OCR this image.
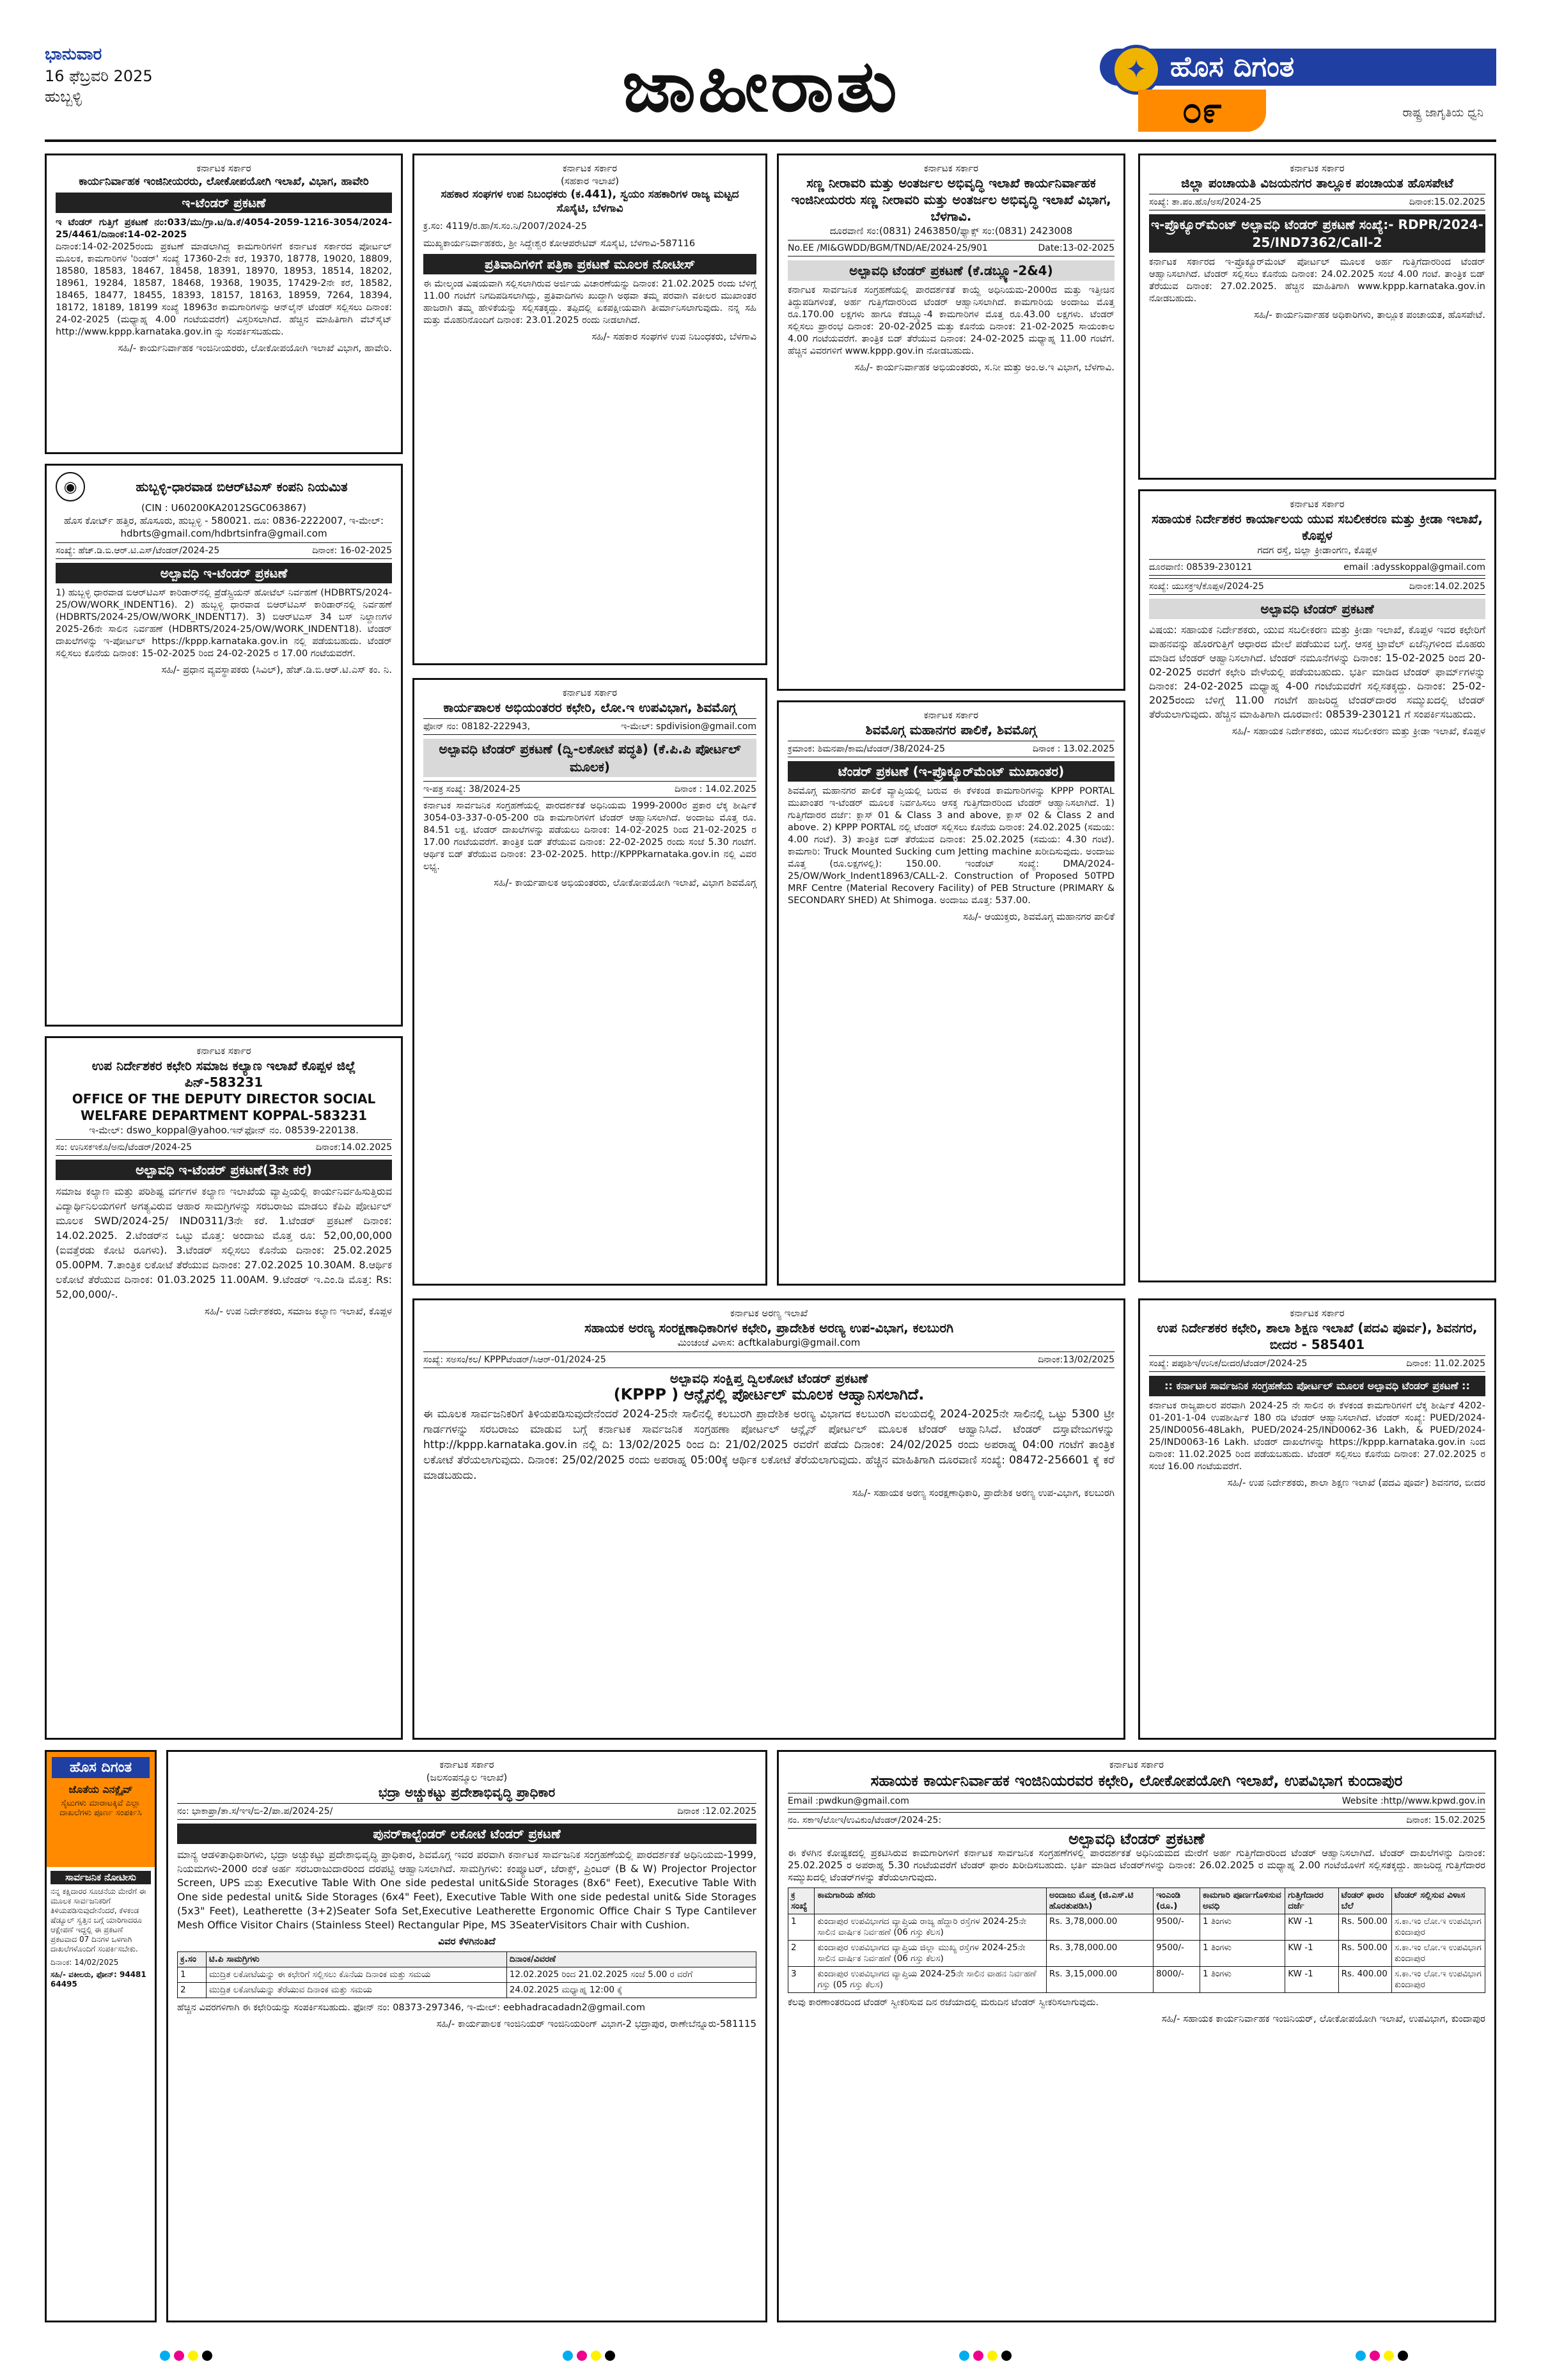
ಭಾನುವಾರ
16 ಫೆಬ್ರವರಿ 2025
ಹುಬ್ಬಳ್ಳಿ	ಜಾಹೀರಾತು	ಹೊಸ ದಿಗಂತ
✦
೦೯	ರಾಷ್ಟ್ರ ಜಾಗೃತಿಯ ಧ್ವನಿ
ಕರ್ನಾಟಕ ಸರ್ಕಾರ
ಕಾರ್ಯನಿರ್ವಾಹಕ ಇಂಜಿನೀಯರರು, ಲೋಕೋಪಯೋಗಿ ಇಲಾಖೆ, ವಿಭಾಗ, ಹಾವೇರಿ
ಇ-ಟೆಂಡರ್ ಪ್ರಕಟಣೆ
ಇ ಟೆಂಡರ್ ಗುತ್ತಿಗೆ ಪ್ರಕಟಣೆ ನಂ:033/ಮು/ಗ್ರಾ.ಟ/ಡಿ.ಕೆ/4054-2059-1216-3054/2024-25/4461/ದಿನಾಂಕ:14-02-2025
ದಿನಾಂಕ:14-02-2025ರಂದು ಪ್ರಕಟಣೆ ಮಾಡಲಾಗಿದ್ದ ಕಾಮಗಾರಿಗಳಿಗೆ ಕರ್ನಾಟಕ ಸರ್ಕಾರದ ಪೋರ್ಟಲ್ ಮೂಲಕ, ಕಾಮಗಾರಿಗಳ 'ರಿಂಡರ್' ಸಂಖ್ಯೆ 17360-2ನೇ ಕರೆ, 19370, 18778, 19020, 18809, 18580, 18583, 18467, 18458, 18391, 18970, 18953, 18514, 18202, 18961, 19284, 18587, 18468, 19368, 19035, 17429-2ನೇ ಕರೆ, 18582, 18465, 18477, 18455, 18393, 18157, 18163, 18959, 7264, 18394, 18172, 18189, 18199 ಸಂಖ್ಯೆ 18963ರ ಕಾಮಗಾರಿಗಳನ್ನು ಆನ್‌ಲೈನ್ ಟೆಂಡರ್ ಸಲ್ಲಿಸಲು ದಿನಾಂಕ: 24-02-2025 (ಮಧ್ಯಾಹ್ನ 4.00 ಗಂಟೆಯವರೆಗೆ) ವಿಸ್ತರಿಸಲಾಗಿದೆ. ಹೆಚ್ಚಿನ ಮಾಹಿತಿಗಾಗಿ ವೆಬ್‌ಸೈಟ್ http://www.kppp.karnataka.gov.in ನ್ನು ಸಂಪರ್ಕಿಸಬಹುದು.
ಸಹಿ/- ಕಾರ್ಯನಿರ್ವಾಹಕ ಇಂಜಿನೀಯರರು, ಲೋಕೋಪಯೋಗಿ ಇಲಾಖೆ ವಿಭಾಗ, ಹಾವೇರಿ.
ಕರ್ನಾಟಕ ಸರ್ಕಾರ
(ಸಹಕಾರ ಇಲಾಖೆ)
ಸಹಕಾರ ಸಂಘಗಳ ಉಪ ನಿಬಂಧಕರು (ಕ.441), ಸ್ವಯಂ ಸಹಕಾರಿಗಳ ರಾಜ್ಯ ಮಟ್ಟದ ಸೊಸೈಟಿ, ಬೆಳಗಾವಿ
ಕ್ರ.ಸಂ: 4119/ರ.ಹಾ/ಸ.ಸಂ.ನಿ/2007/2024-25
ಮುಖ್ಯಕಾರ್ಯನಿರ್ವಾಹಕರು, ಶ್ರೀ ಸಿದ್ದೇಶ್ವರ ಕೋಆಪರೇಟಿವ್ ಸೊಸೈಟಿ, ಬೆಳಗಾವಿ-587116
ಪ್ರತಿವಾದಿಗಳಿಗೆ ಪತ್ರಿಕಾ ಪ್ರಕಟಣೆ ಮೂಲಕ ನೋಟೀಸ್
ಈ ಮೇಲ್ಕಂಡ ವಿಷಯವಾಗಿ ಸಲ್ಲಿಸಲಾಗಿರುವ ಅರ್ಜಿಯ ವಿಚಾರಣೆಯನ್ನು ದಿನಾಂಕ: 21.02.2025 ರಂದು ಬೆಳಿಗ್ಗೆ 11.00 ಗಂಟೆಗೆ ನಿಗದಿಪಡಿಸಲಾಗಿದ್ದು, ಪ್ರತಿವಾದಿಗಳು ಖುದ್ದಾಗಿ ಅಥವಾ ತಮ್ಮ ಪರವಾಗಿ ವಕೀಲರ ಮುಖಾಂತರ ಹಾಜರಾಗಿ ತಮ್ಮ ಹೇಳಿಕೆಯನ್ನು ಸಲ್ಲಿಸತಕ್ಕದ್ದು. ತಪ್ಪಿದಲ್ಲಿ ಏಕಪಕ್ಷೀಯವಾಗಿ ತೀರ್ಮಾನಿಸಲಾಗುವುದು. ನನ್ನ ಸಹಿ ಮತ್ತು ಮೊಹರಿನೊಂದಿಗೆ ದಿನಾಂಕ: 23.01.2025 ರಂದು ನೀಡಲಾಗಿದೆ.
ಸಹಿ/- ಸಹಕಾರ ಸಂಘಗಳ ಉಪ ನಿಬಂಧಕರು, ಬೆಳಗಾವಿ
ಕರ್ನಾಟಕ ಸರ್ಕಾರ
ಸಣ್ಣ ನೀರಾವರಿ ಮತ್ತು ಅಂತರ್ಜಲ ಅಭಿವೃದ್ಧಿ ಇಲಾಖೆ ಕಾರ್ಯನಿರ್ವಾಹಕ ಇಂಜಿನೀಯರರು ಸಣ್ಣ ನೀರಾವರಿ ಮತ್ತು ಅಂತರ್ಜಲ ಅಭಿವೃದ್ಧಿ ಇಲಾಖೆ ವಿಭಾಗ, ಬೆಳಗಾವಿ.
ದೂರವಾಣಿ ಸಂ:(0831) 2463850/ಫ್ಯಾಕ್ಸ್ ಸಂ:(0831) 2423008
No.EE /MI&GWDD/BGM/TND/AE/2024-25/901	Date:13-02-2025
ಅಲ್ಪಾವಧಿ ಟೆಂಡರ್ ಪ್ರಕಟಣೆ (ಕೆ.ಡಬ್ಲ್ಯೂ-2&4)
ಕರ್ನಾಟಕ ಸಾರ್ವಜನಿಕ ಸಂಗ್ರಹಣೆಯಲ್ಲಿ ಪಾರದರ್ಶಕತೆ ಕಾಯ್ದೆ ಅಧಿನಿಯಮ-2000ದ ಮತ್ತು ಇತ್ತೀಚಿನ ತಿದ್ದುಪಡಿಗಳಂತೆ, ಅರ್ಹ ಗುತ್ತಿಗೆದಾರರಿಂದ ಟೆಂಡರ್ ಆಹ್ವಾನಿಸಲಾಗಿದೆ. ಕಾಮಗಾರಿಯ ಅಂದಾಜು ಮೊತ್ತ ರೂ.170.00 ಲಕ್ಷಗಳು ಹಾಗೂ ಕೆಡಬ್ಲ್ಯೂ-4 ಕಾಮಗಾರಿಗಳ ಮೊತ್ತ ರೂ.43.00 ಲಕ್ಷಗಳು. ಟೆಂಡರ್ ಸಲ್ಲಿಸಲು ಪ್ರಾರಂಭ ದಿನಾಂಕ: 20-02-2025 ಮತ್ತು ಕೊನೆಯ ದಿನಾಂಕ: 21-02-2025 ಸಾಯಂಕಾಲ 4.00 ಗಂಟೆಯವರೆಗೆ. ತಾಂತ್ರಿಕ ಬಿಡ್ ತೆರೆಯುವ ದಿನಾಂಕ: 24-02-2025 ಮಧ್ಯಾಹ್ನ 11.00 ಗಂಟೆಗೆ. ಹೆಚ್ಚಿನ ವಿವರಗಳಿಗೆ www.kppp.gov.in ನೋಡಬಹುದು.
ಸಹಿ/- ಕಾರ್ಯನಿರ್ವಾಹಕ ಅಭಿಯಂತರರು, ಸ.ನೀ ಮತ್ತು ಅಂ.ಅ.ಇ ವಿಭಾಗ, ಬೆಳಗಾವಿ.
ಕರ್ನಾಟಕ ಸರ್ಕಾರ
ಜಿಲ್ಲಾ ಪಂಚಾಯತಿ ವಿಜಯನಗರ ತಾಲ್ಲೂಕ ಪಂಚಾಯತ ಹೊಸಪೇಟೆ
ಸಂಖ್ಯೆ: ತಾ.ಪಂ.ಹೊ/ಅಸ/2024-25	ದಿನಾಂಕ:15.02.2025
ಇ-ಪ್ರೊಕ್ಯೂರ್‌ಮೆಂಟ್ ಅಲ್ಪಾವಧಿ ಟೆಂಡರ್ ಪ್ರಕಟಣೆ ಸಂಖ್ಯೆ:- RDPR/2024-25/IND7362/Call-2
ಕರ್ನಾಟಕ ಸರ್ಕಾರದ ಇ-ಪ್ರೊಕ್ಯೂರ್‌ಮೆಂಟ್ ಪೋರ್ಟಲ್ ಮೂಲಕ ಅರ್ಹ ಗುತ್ತಿಗೆದಾರರಿಂದ ಟೆಂಡರ್ ಆಹ್ವಾನಿಸಲಾಗಿದೆ. ಟೆಂಡರ್ ಸಲ್ಲಿಸಲು ಕೊನೆಯ ದಿನಾಂಕ: 24.02.2025 ಸಂಜೆ 4.00 ಗಂಟೆ. ತಾಂತ್ರಿಕ ಬಿಡ್ ತೆರೆಯುವ ದಿನಾಂಕ: 27.02.2025. ಹೆಚ್ಚಿನ ಮಾಹಿತಿಗಾಗಿ www.kppp.karnataka.gov.in ನೋಡಬಹುದು.
ಸಹಿ/- ಕಾರ್ಯನಿರ್ವಾಹಕ ಅಧಿಕಾರಿಗಳು, ತಾಲ್ಲೂಕ ಪಂಚಾಯತ, ಹೊಸಪೇಟೆ.
◉	ಹುಬ್ಬಳ್ಳಿ-ಧಾರವಾಡ ಬಿಆರ್‌ಟಿಎಸ್ ಕಂಪನಿ ನಿಯಮಿತ
(CIN : U60200KA2012SGC063867)
ಹೊಸ ಕೋರ್ಟ್ ಹತ್ತಿರ, ಹೊಸೂರು, ಹುಬ್ಬಳ್ಳಿ - 580021. ದೂ: 0836-2222007, ಇ-ಮೇಲ್: hdbrts@gmail.com/hdbrtsinfra@gmail.com
ಸಂಖ್ಯೆ: ಹೆಚ್.ಡಿ.ಬಿ.ಆರ್.ಟಿ.ಎಸ್/ಟೆಂಡರ್/2024-25	ದಿನಾಂಕ: 16-02-2025
ಅಲ್ಪಾವಧಿ ಇ-ಟೆಂಡರ್ ಪ್ರಕಟಣೆ
1) ಹುಬ್ಬಳ್ಳಿ ಧಾರವಾಡ ಬಿಆರ್‌ಟಿಎಸ್ ಕಾರಿಡಾರ್‌ನಲ್ಲಿ ಪ್ರೆಡೆಸ್ಟ್ರಿಯನ್ ಹೋಟೆಲ್ ನಿರ್ವಹಣೆ (HDBRTS/2024-25/OW/WORK_INDENT16). 2) ಹುಬ್ಬಳ್ಳಿ ಧಾರವಾಡ ಬಿಆರ್‌ಟಿಎಸ್ ಕಾರಿಡಾರ್‌ನಲ್ಲಿ ನಿರ್ವಹಣೆ (HDBRTS/2024-25/OW/WORK_INDENT17). 3) ಬಿಆರ್‌ಟಿಎಸ್ 34 ಬಸ್ ನಿಲ್ದಾಣಗಳ 2025-26ನೇ ಸಾಲಿನ ನಿರ್ವಹಣೆ (HDBRTS/2024-25/OW/WORK_INDENT18). ಟೆಂಡರ್ ದಾಖಲೆಗಳನ್ನು ಇ-ಪೋರ್ಟಲ್ https://kppp.karnataka.gov.in ನಲ್ಲಿ ಪಡೆಯಬಹುದು. ಟೆಂಡರ್ ಸಲ್ಲಿಸಲು ಕೊನೆಯ ದಿನಾಂಕ: 15-02-2025 ರಿಂದ 24-02-2025 ರ 17.00 ಗಂಟೆಯವರೆಗೆ.
ಸಹಿ/- ಪ್ರಧಾನ ವ್ಯವಸ್ಥಾಪಕರು (ಸಿವಿಲ್), ಹೆಚ್.ಡಿ.ಬಿ.ಆರ್.ಟಿ.ಎಸ್ ಕಂ. ನಿ.
ಕರ್ನಾಟಕ ಸರ್ಕಾರ
ಕಾರ್ಯಪಾಲಕ ಅಭಿಯಂತರರ ಕಛೇರಿ, ಲೋ.ಇ ಉಪವಿಭಾಗ, ಶಿವಮೊಗ್ಗ
ಫೋನ್ ನಂ: 08182-222943,	ಇ-ಮೇಲ್: spdivision@gmail.com
ಅಲ್ಪಾವಧಿ ಟೆಂಡರ್ ಪ್ರಕಟಣೆ (ದ್ವಿ-ಲಕೋಟೆ ಪದ್ಧತಿ) (ಕೆ.ಪಿ.ಪಿ ಪೋರ್ಟಲ್ ಮೂಲಕ)
ಇ-ಪತ್ರ ಸಂಖ್ಯೆ: 38/2024-25	ದಿನಾಂಕ : 14.02.2025
ಕರ್ನಾಟಕ ಸಾರ್ವಜನಿಕ ಸಂಗ್ರಹಣೆಯಲ್ಲಿ ಪಾರದರ್ಶಕತೆ ಅಧಿನಿಯಮ 1999-2000ರ ಪ್ರಕಾರ ಲೆಕ್ಕ ಶೀರ್ಷಿಕೆ 3054-03-337-0-05-200 ರಡಿ ಕಾಮಗಾರಿಗಳಿಗೆ ಟೆಂಡರ್ ಆಹ್ವಾನಿಸಲಾಗಿದೆ. ಅಂದಾಜು ಮೊತ್ತ ರೂ. 84.51 ಲಕ್ಷ. ಟೆಂಡರ್ ದಾಖಲೆಗಳನ್ನು ಪಡೆಯಲು ದಿನಾಂಕ: 14-02-2025 ರಿಂದ 21-02-2025 ರ 17.00 ಗಂಟೆಯವರೆಗೆ. ತಾಂತ್ರಿಕ ಬಿಡ್ ತೆರೆಯುವ ದಿನಾಂಕ: 22-02-2025 ರಂದು ಸಂಜೆ 5.30 ಗಂಟೆಗೆ. ಆರ್ಥಿಕ ಬಿಡ್ ತೆರೆಯುವ ದಿನಾಂಕ: 23-02-2025. http://KPPPkarnataka.gov.in ನಲ್ಲಿ ವಿವರ ಲಭ್ಯ.
ಸಹಿ/- ಕಾರ್ಯಪಾಲಕ ಅಭಿಯಂತರರು, ಲೋಕೋಪಯೋಗಿ ಇಲಾಖೆ, ವಿಭಾಗ ಶಿವಮೊಗ್ಗ
ಕರ್ನಾಟಕ ಸರ್ಕಾರ
ಶಿವಮೊಗ್ಗ ಮಹಾನಗರ ಪಾಲಿಕೆ, ಶಿವಮೊಗ್ಗ
ಕ್ರಮಾಂಕ: ಶಿಮನಪಾ/ಕಾಮ/ಟೆಂಡರ್/38/2024-25	ದಿನಾಂಕ : 13.02.2025
ಟೆಂಡರ್ ಪ್ರಕಟಣೆ (ಇ-ಪ್ರೊಕ್ಯೂರ್‌ಮೆಂಟ್ ಮುಖಾಂತರ)
ಶಿವಮೊಗ್ಗ ಮಹಾನಗರ ಪಾಲಿಕೆ ವ್ಯಾಪ್ತಿಯಲ್ಲಿ ಬರುವ ಈ ಕೆಳಕಂಡ ಕಾಮಗಾರಿಗಳನ್ನು KPPP PORTAL ಮುಖಾಂತರ ಇ-ಟೆಂಡರ್ ಮೂಲಕ ನಿರ್ವಹಿಸಲು ಆಸಕ್ತ ಗುತ್ತಿಗೆದಾರರಿಂದ ಟೆಂಡರ್ ಆಹ್ವಾನಿಸಲಾಗಿದೆ. 1) ಗುತ್ತಿಗೆದಾರರ ದರ್ಜೆ: ಕ್ಲಾಸ್ 01 & Class 3 and above, ಕ್ಲಾಸ್ 02 & Class 2 and above. 2) KPPP PORTAL ನಲ್ಲಿ ಟೆಂಡರ್ ಸಲ್ಲಿಸಲು ಕೊನೆಯ ದಿನಾಂಕ: 24.02.2025 (ಸಮಯ: 4.00 ಗಂಟೆ). 3) ತಾಂತ್ರಿಕ ಬಿಡ್ ತೆರೆಯುವ ದಿನಾಂಕ: 25.02.2025 (ಸಮಯ: 4.30 ಗಂಟೆ). ಕಾಮಗಾರಿ: Truck Mounted Sucking cum Jetting machine ಖರೀದಿಸುವುದು. ಅಂದಾಜು ಮೊತ್ತ (ರೂ.ಲಕ್ಷಗಳಲ್ಲಿ): 150.00. ಇಂಡೆಂಟ್ ಸಂಖ್ಯೆ: DMA/2024-25/OW/Work_Indent18963/CALL-2. Construction of Proposed 50TPD MRF Centre (Material Recovery Facility) of PEB Structure (PRIMARY & SECONDARY SHED) At Shimoga. ಅಂದಾಜು ಮೊತ್ತ: 537.00.
ಸಹಿ/- ಆಯುಕ್ತರು, ಶಿವಮೊಗ್ಗ ಮಹಾನಗರ ಪಾಲಿಕೆ
ಕರ್ನಾಟಕ ಸರ್ಕಾರ
ಸಹಾಯಕ ನಿರ್ದೇಶಕರ ಕಾರ್ಯಾಲಯ ಯುವ ಸಬಲೀಕರಣ ಮತ್ತು ಕ್ರೀಡಾ ಇಲಾಖೆ, ಕೊಪ್ಪಳ
ಗದಗ ರಸ್ತೆ, ಜಿಲ್ಲಾ ಕ್ರೀಡಾಂಗಣ, ಕೊಪ್ಪಳ
ದೂರವಾಣಿ: 08539-230121	email :adysskoppal@gmail.com
ಸಂಖ್ಯೆ: ಯುಸಕ್ರಇ/ಕೊಪ್ಪಳ/2024-25	ದಿನಾಂಕ:14.02.2025
ಅಲ್ಪಾವಧಿ ಟೆಂಡರ್ ಪ್ರಕಟಣೆ
ವಿಷಯ: ಸಹಾಯಕ ನಿರ್ದೇಶಕರು, ಯುವ ಸಬಲೀಕರಣ ಮತ್ತು ಕ್ರೀಡಾ ಇಲಾಖೆ, ಕೊಪ್ಪಳ ಇವರ ಕಛೇರಿಗೆ ವಾಹನವನ್ನು ಹೊರಗುತ್ತಿಗೆ ಆಧಾರದ ಮೇಲೆ ಪಡೆಯುವ ಬಗ್ಗೆ. ಆಸಕ್ತ ಟ್ರಾವೆಲ್ ಏಜೆನ್ಸಿಗಳಿಂದ ಮೊಹರು ಮಾಡಿದ ಟೆಂಡರ್ ಆಹ್ವಾನಿಸಲಾಗಿದೆ. ಟೆಂಡರ್ ನಮೂನೆಗಳನ್ನು ದಿನಾಂಕ: 15-02-2025 ರಿಂದ 20-02-2025 ರವರೆಗೆ ಕಛೇರಿ ವೇಳೆಯಲ್ಲಿ ಪಡೆಯಬಹುದು. ಭರ್ತಿ ಮಾಡಿದ ಟೆಂಡರ್ ಫಾರ್ಮ್‌ಗಳನ್ನು ದಿನಾಂಕ: 24-02-2025 ಮಧ್ಯಾಹ್ನ 4-00 ಗಂಟೆಯವರೆಗೆ ಸಲ್ಲಿಸತಕ್ಕದ್ದು. ದಿನಾಂಕ: 25-02-2025ರಂದು ಬೆಳಿಗ್ಗೆ 11.00 ಗಂಟೆಗೆ ಹಾಜರಿದ್ದ ಟೆಂಡರ್‌ದಾರರ ಸಮ್ಮುಖದಲ್ಲಿ ಟೆಂಡರ್ ತೆರೆಯಲಾಗುವುದು. ಹೆಚ್ಚಿನ ಮಾಹಿತಿಗಾಗಿ ದೂರವಾಣಿ: 08539-230121 ಗೆ ಸಂಪರ್ಕಿಸಬಹುದು.
ಸಹಿ/- ಸಹಾಯಕ ನಿರ್ದೇಶಕರು, ಯುವ ಸಬಲೀಕರಣ ಮತ್ತು ಕ್ರೀಡಾ ಇಲಾಖೆ, ಕೊಪ್ಪಳ
ಕರ್ನಾಟಕ ಸರ್ಕಾರ
ಉಪ ನಿರ್ದೇಶಕರ ಕಛೇರಿ ಸಮಾಜ ಕಲ್ಯಾಣ ಇಲಾಖೆ ಕೊಪ್ಪಳ ಜಿಲ್ಲೆ ಪಿನ್-583231
OFFICE OF THE DEPUTY DIRECTOR SOCIAL WELFARE DEPARTMENT KOPPAL-583231
ಇ-ಮೇಲ್: dswo_koppal@yahoo.ಇನ್‌ಫೋನ್‌ ನಂ. 08539-220138.
ಸಂ: ಉನಿಸಕಇಕೊ/ಅನು/ಟೆಂಡರ್/2024-25	ದಿನಾಂಕ:14.02.2025
ಅಲ್ಪಾವಧಿ ಇ-ಟೆಂಡರ್ ಪ್ರಕಟಣೆ(3ನೇ ಕರೆ)
ಸಮಾಜ ಕಲ್ಯಾಣ ಮತ್ತು ಪರಿಶಿಷ್ಟ ವರ್ಗಗಳ ಕಲ್ಯಾಣ ಇಲಾಖೆಯ ವ್ಯಾಪ್ತಿಯಲ್ಲಿ ಕಾರ್ಯನಿರ್ವಹಿಸುತ್ತಿರುವ ವಿದ್ಯಾರ್ಥಿನಿಲಯಗಳಿಗೆ ಅಗತ್ಯವಿರುವ ಆಹಾರ ಸಾಮಗ್ರಿಗಳನ್ನು ಸರಬರಾಜು ಮಾಡಲು ಕೆಪಿಪಿ ಪೋರ್ಟಲ್ ಮೂಲಕ SWD/2024-25/ IND0311/3ನೇ ಕರೆ. 1.ಟೆಂಡರ್ ಪ್ರಕಟಣೆ ದಿನಾಂಕ: 14.02.2025. 2.ಟೆಂಡರ್‌ನ ಒಟ್ಟು ಮೊತ್ತ: ಅಂದಾಜು ಮೊತ್ತ ರೂ: 52,00,00,000 (ಐವತ್ತೆರಡು ಕೋಟಿ ರೂಗಳು). 3.ಟೆಂಡರ್ ಸಲ್ಲಿಸಲು ಕೊನೆಯ ದಿನಾಂಕ: 25.02.2025 05.00PM. 7.ತಾಂತ್ರಿಕ ಲಕೋಟೆ ತೆರೆಯುವ ದಿನಾಂಕ: 27.02.2025 10.30AM. 8.ಆರ್ಥಿಕ ಲಕೋಟೆ ತೆರೆಯುವ ದಿನಾಂಕ: 01.03.2025 11.00AM. 9.ಟೆಂಡರ್ ಇ.ಎಂ.ಡಿ ಮೊತ್ತ: Rs: 52,00,000/-.
ಸಹಿ/- ಉಪ ನಿರ್ದೇಶಕರು, ಸಮಾಜ ಕಲ್ಯಾಣ ಇಲಾಖೆ, ಕೊಪ್ಪಳ	ಕರ್ನಾಟಕ ಅರಣ್ಯ ಇಲಾಖೆ
ಸಹಾಯಕ ಅರಣ್ಯ ಸಂರಕ್ಷಣಾಧಿಕಾರಿಗಳ ಕಛೇರಿ, ಪ್ರಾದೇಶಿಕ ಅರಣ್ಯ ಉಪ-ವಿಭಾಗ, ಕಲಬುರಗಿ
ಮಿಂಚಂಚೆ ವಿಳಾಸ: acftkalaburgi@gmail.com
ಸಂಖ್ಯೆ: ಸಅಸಂ/ಕಲ/ KPPPಟೆಂಡರ್/ಸಿಆರ್-01/2024-25	ದಿನಾಂಕ:13/02/2025
ಅಲ್ಪಾವಧಿ ಸಂಕ್ಷಿಪ್ತ ದ್ವಿಲಕೋಟೆ ಟೆಂಡರ್ ಪ್ರಕಟಣೆ
(KPPP ) ಆನ್ಲೈನಲ್ಲಿ ಪೋರ್ಟಲ್ ಮೂಲಕ ಆಹ್ವಾನಿಸಲಾಗಿದೆ.
ಈ ಮೂಲಕ ಸಾರ್ವಜನಿಕರಿಗೆ ತಿಳಿಯಪಡಿಸುವುದೇನೆಂದರೆ 2024-25ನೇ ಸಾಲಿನಲ್ಲಿ ಕಲಬುರಗಿ ಪ್ರಾದೇಶಿಕ ಅರಣ್ಯ ವಿಭಾಗದ ಕಲಬುರಗಿ ವಲಯದಲ್ಲಿ 2024-2025ನೇ ಸಾಲಿನಲ್ಲಿ ಒಟ್ಟು 5300 ಟ್ರೀ ಗಾರ್ಡಗಳನ್ನು ಸರಬರಾಜು ಮಾಡುವ ಬಗ್ಗೆ ಕರ್ನಾಟಕ ಸಾರ್ವಜನಿಕ ಸಂಗ್ರಹಣಾ ಪೋರ್ಟಲ್ ಆನ್ಲೈನ್ ಪೋರ್ಟಲ್ ಮೂಲಕ ಟೆಂಡರ್ ಆಹ್ವಾನಿಸಿದೆ. ಟೆಂಡರ್ ದಸ್ತಾವೇಜುಗಳನ್ನು http://kppp.karnataka.gov.in ನಲ್ಲಿ ದಿ: 13/02/2025 ರಿಂದ ದಿ: 21/02/2025 ರವರೆಗೆ ಪಡೆದು ದಿನಾಂಕ: 24/02/2025 ರಂದು ಅಪರಾಹ್ನ 04:00 ಗಂಟೆಗೆ ತಾಂತ್ರಿಕ ಲಕೋಟೆ ತೆರೆಯಲಾಗುವುದು. ದಿನಾಂಕ: 25/02/2025 ರಂದು ಅಪರಾಹ್ನ 05:00ಕ್ಕೆ ಆರ್ಥಿಕ ಲಕೋಟೆ ತೆರೆಯಲಾಗುವುದು. ಹೆಚ್ಚಿನ ಮಾಹಿತಿಗಾಗಿ ದೂರವಾಣಿ ಸಂಖ್ಯೆ: 08472-256601 ಕ್ಕೆ ಕರೆ ಮಾಡಬಹುದು.
ಸಹಿ/- ಸಹಾಯಕ ಅರಣ್ಯ ಸಂರಕ್ಷಣಾಧಿಕಾರಿ, ಪ್ರಾದೇಶಿಕ ಅರಣ್ಯ ಉಪ-ವಿಭಾಗ, ಕಲಬುರಗಿ
ಕರ್ನಾಟಕ ಸರ್ಕಾರ
ಉಪ ನಿರ್ದೇಶಕರ ಕಛೇರಿ, ಶಾಲಾ ಶಿಕ್ಷಣ ಇಲಾಖೆ (ಪದವಿ ಪೂರ್ವ), ಶಿವನಗರ, ಬೀದರ - 585401
ಸಂಖ್ಯೆ: ಪಪೂಶಿಇ/ಉನಿಕ/ಬೀದರ/ಟೆಂಡರ್/2024-25	ದಿನಾಂಕ: 11.02.2025
:: ಕರ್ನಾಟಕ ಸಾರ್ವಜನಿಕ ಸಂಗ್ರಹಣೆಯ ಪೋರ್ಟಲ್ ಮೂಲಕ ಅಲ್ಪಾವಧಿ ಟೆಂಡರ್ ಪ್ರಕಟಣೆ ::
ಕರ್ನಾಟಕ ರಾಜ್ಯಪಾಲರ ಪರವಾಗಿ 2024-25 ನೇ ಸಾಲಿನ ಈ ಕೆಳಕಂಡ ಕಾಮಗಾರಿಗಳಿಗೆ ಲೆಕ್ಕ ಶೀರ್ಷಿಕೆ 4202-01-201-1-04 ಉಪಶೀರ್ಷಿಕೆ 180 ರಡಿ ಟೆಂಡರ್ ಆಹ್ವಾನಿಸಲಾಗಿದೆ. ಟೆಂಡರ್ ಸಂಖ್ಯೆ: PUED/2024-25/IND0056-48Lakh, PUED/2024-25/IND0062-36 Lakh, & PUED/2024-25/IND0063-16 Lakh. ಟೆಂಡರ್ ದಾಖಲೆಗಳನ್ನು https://kppp.karnataka.gov.in ನಿಂದ ದಿನಾಂಕ: 11.02.2025 ರಿಂದ ಪಡೆಯಬಹುದು. ಟೆಂಡರ್ ಸಲ್ಲಿಸಲು ಕೊನೆಯ ದಿನಾಂಕ: 27.02.2025 ರ ಸಂಜೆ 16.00 ಗಂಟೆಯವರೆಗೆ.
ಸಹಿ/- ಉಪ ನಿರ್ದೇಶಕರು, ಶಾಲಾ ಶಿಕ್ಷಣ ಇಲಾಖೆ (ಪದವಿ ಪೂರ್ವ) ಶಿವನಗರ, ಬೀದರ
ಹೊಸ ದಿಗಂತ
ಜೊತೆಯ ಎನಕ್ಲೈವ್
ಸೈಟುಗಳು ಮಾರಾಟಕ್ಕಿವೆ ಎಲ್ಲಾ ದಾಖಲೆಗಳು ಪೂರ್ಣ ಸಂಪರ್ಕಿಸಿ
ಸಾರ್ವಜನಿಕ ನೋಟೀಸು
ನನ್ನ ಕಕ್ಷಿದಾರರ ಸೂಚನೆಯ ಮೇರೆಗೆ ಈ ಮೂಲಕ ಸಾರ್ವಜನಿಕರಿಗೆ ತಿಳಿಯಪಡಿಸುವುದೇನೆಂದರೆ, ಕೆಳಕಂಡ ಷೆಡ್ಯೂಲ್ ಸ್ವತ್ತಿನ ಬಗ್ಗೆ ಯಾರಿಗಾದರೂ ಆಕ್ಷೇಪಣೆ ಇದ್ದಲ್ಲಿ ಈ ಪ್ರಕಟಣೆ ಪ್ರಕಟವಾದ 07 ದಿನಗಳ ಒಳಗಾಗಿ ದಾಖಲೆಗಳೊಂದಿಗೆ ಸಂಪರ್ಕಿಸಬೇಕು.
ದಿನಾಂಕ: 14/02/2025
ಸಹಿ/- ವಕೀಲರು, ಫೋನ್: 94481 64495
ಕರ್ನಾಟಕ ಸರ್ಕಾರ
(ಜಲಸಂಪನ್ಮೂಲ ಇಲಾಖೆ)
ಭದ್ರಾ ಅಚ್ಚುಕಟ್ಟು ಪ್ರದೇಶಾಭಿವೃದ್ಧಿ ಪ್ರಾಧಿಕಾರ
ನಂ: ಭಾಕಾಪ್ರಾ/ತಾ.ಸ/ಇಇ/ಬಿ-2/ಪಾ.ಪ/2024-25/	ದಿನಾಂಕ :12.02.2025
ಪುನರ್‌ಕಾಲ್ಟೆಂಡರ್ ಲಕೋಟೆ ಟೆಂಡರ್ ಪ್ರಕಟಣೆ
ಮಾನ್ಯ ಆಡಳಿತಾಧಿಕಾರಿಗಳು, ಭದ್ರಾ ಅಚ್ಚುಕಟ್ಟು ಪ್ರದೇಶಾಭಿವೃದ್ಧಿ ಪ್ರಾಧಿಕಾರ, ಶಿವಮೊಗ್ಗ ಇವರ ಪರವಾಗಿ ಕರ್ನಾಟಕ ಸಾರ್ವಜನಿಕ ಸಂಗ್ರಹಣೆಯಲ್ಲಿ ಪಾರದರ್ಶಕತೆ ಅಧಿನಿಯಮ-1999, ನಿಯಮಗಳು-2000 ರಂತೆ ಅರ್ಹ ಸರಬರಾಜುದಾರರಿಂದ ದರಪಟ್ಟಿ ಆಹ್ವಾನಿಸಲಾಗಿದೆ. ಸಾಮಗ್ರಿಗಳು: ಕಂಪ್ಯೂಟರ್, ಜೆರಾಕ್ಸ್, ಪ್ರಿಂಟರ್ (B & W) Projector Projector Screen, UPS ಮತ್ತು Executive Table With One side pedestal unit&Side Storages (8x6" Feet), Executive Table With One side pedestal unit& Side Storages (6x4" Feet), Executive Table With one side pedestal unit& Side Storages (5x3" Feet), Leatherette (3+2)Seater Sofa Set,Executive Leatherette Ergonomic Office Chair S Type Cantilever Mesh Office Visitor Chairs (Stainless Steel) Rectangular Pipe, MS 3SeaterVisitors Chair with Cushion.
ವಿವರ ಕೆಳಗಿನಂತಿದೆ
ಕ್ರ.ಸಂ	ಟಿ.ಪಿ ಸಾಮಗ್ರಿಗಳು	ದಿನಾಂಕ/ವಿವರಣೆ
1	ಮುದ್ರಿತ ಲಕೋಟೆಯನ್ನು ಈ ಕಛೇರಿಗೆ ಸಲ್ಲಿಸಲು ಕೊನೆಯ ದಿನಾಂಕ ಮತ್ತು ಸಮಯ	12.02.2025 ರಿಂದ 21.02.2025 ಸಂಜೆ 5.00 ರ ವರೆಗೆ
2	ಮುದ್ರಿತ ಲಕೋಟೆಯನ್ನು ತೆರೆಯುವ ದಿನಾಂಕ ಮತ್ತು ಸಮಯ	24.02.2025 ಮಧ್ಯಾಹ್ನ 12:00 ಕ್ಕೆ
ಹೆಚ್ಚಿನ ವಿವರಗಳಿಗಾಗಿ ಈ ಕಛೇರಿಯನ್ನು ಸಂಪರ್ಕಿಸಬಹುದು. ಫೋನ್ ನಂ: 08373-297346, ಇ-ಮೇಲ್: eebhadracadadn2@gmail.com
ಸಹಿ/- ಕಾರ್ಯಪಾಲಕ ಇಂಜಿನಿಯರ್ ಇಂಜಿನಿಯರಿಂಗ್ ವಿಭಾಗ-2 ಭದ್ರಾಪುರ, ರಾಣೇಬೆನ್ನೂರು-581115
ಕರ್ನಾಟಕ ಸರ್ಕಾರ
ಸಹಾಯಕ ಕಾರ್ಯನಿರ್ವಾಹಕ ಇಂಜಿನಿಯರವರ ಕಛೇರಿ, ಲೋಕೋಪಯೋಗಿ ಇಲಾಖೆ, ಉಪವಿಭಾಗ ಕುಂದಾಪುರ
Email :pwdkun@gmail.com	Website :http//www.kpwd.gov.in
ನಂ. ಸಕಾಇ/ಲೋಇ/ಉವಿಕುಂ/ಟೆಂಡರ್/2024-25:	ದಿನಾಂಕ: 15.02.2025
ಅಲ್ಪಾವಧಿ ಟೆಂಡರ್ ಪ್ರಕಟಣೆ
ಈ ಕೆಳಗಿನ ಕೋಷ್ಟಕದಲ್ಲಿ ಪ್ರಕಟಿಸಿರುವ ಕಾಮಗಾರಿಗಳಿಗೆ ಕರ್ನಾಟಕ ಸಾರ್ವಜನಿಕ ಸಂಗ್ರಹಣೆಗಳಲ್ಲಿ ಪಾರದರ್ಶಕತೆ ಅಧಿನಿಯಮದ ಮೇರೆಗೆ ಅರ್ಹ ಗುತ್ತಿಗೆದಾರರಿಂದ ಟೆಂಡರ್ ಆಹ್ವಾನಿಸಲಾಗಿದೆ. ಟೆಂಡರ್ ದಾಖಲೆಗಳನ್ನು ದಿನಾಂಕ: 25.02.2025 ರ ಅಪರಾಹ್ನ 5.30 ಗಂಟೆಯವರೆಗೆ ಟೆಂಡರ್ ಫಾರಂ ಖರೀದಿಸಬಹುದು. ಭರ್ತಿ ಮಾಡಿದ ಟೆಂಡರ್‌ಗಳನ್ನು ದಿನಾಂಕ: 26.02.2025 ರ ಮಧ್ಯಾಹ್ನ 2.00 ಗಂಟೆಯೊಳಗೆ ಸಲ್ಲಿಸತಕ್ಕದ್ದು. ಹಾಜರಿದ್ದ ಗುತ್ತಿಗೆದಾರರ ಸಮ್ಮುಖದಲ್ಲಿ ಟೆಂಡರ್‌ಗಳನ್ನು ತೆರೆಯಲಾಗುವುದು.
ಕ್ರ ಸಂಖ್ಯೆ	ಕಾಮಗಾರಿಯ ಹೆಸರು	ಅಂದಾಜು ಮೊತ್ತ (ಜಿ.ಎಸ್.ಟಿ ಹೊರತುಪಡಿಸಿ)	ಇಂಎಂಡಿ (ರೂ.)	ಕಾಮಗಾರಿ ಪೂರ್ಣಗೊಳಿಸುವ ಅವಧಿ	ಗುತ್ತಿಗೆದಾರರ ದರ್ಜೆ	ಟೆಂಡರ್ ಫಾರಂ ಬೆಲೆ	ಟೆಂಡರ್ ಸಲ್ಲಿಸುವ ವಿಳಾಸ
1	ಕುಂದಾಪುರ ಉಪವಿಭಾಗದ ವ್ಯಾಪ್ತಿಯ ರಾಜ್ಯ ಹೆದ್ದಾರಿ ರಸ್ತೆಗಳ 2024-25ನೇ ಸಾಲಿನ ವಾರ್ಷಿಕ ನಿರ್ವಹಣೆ (06 ಗಸ್ತು ಕೆಲಸ)	Rs. 3,78,000.00	9500/-	1 ತಿಂಗಳು	KW -1	Rs. 500.00	ಸ.ಕಾ.ಇಂ ಲೋ.ಇ ಉಪವಿಭಾಗ ಕುಂದಾಪುರ
2	ಕುಂದಾಪುರ ಉಪವಿಭಾಗದ ವ್ಯಾಪ್ತಿಯ ಜಿಲ್ಲಾ ಮುಖ್ಯ ರಸ್ತೆಗಳ 2024-25ನೇ ಸಾಲಿನ ವಾರ್ಷಿಕ ನಿರ್ವಹಣೆ (06 ಗಸ್ತು ಕೆಲಸ)	Rs. 3,78,000.00	9500/-	1 ತಿಂಗಳು	KW -1	Rs. 500.00	ಸ.ಕಾ.ಇಂ ಲೋ.ಇ ಉಪವಿಭಾಗ ಕುಂದಾಪುರ
3	ಕುಂದಾಪುರ ಉಪವಿಭಾಗದ ವ್ಯಾಪ್ತಿಯ 2024-25ನೇ ಸಾಲಿನ ವಾಹನ ನಿರ್ವಹಣೆ ಗಸ್ತು (05 ಗಸ್ತು ಕೆಲಸ)	Rs. 3,15,000.00	8000/-	1 ತಿಂಗಳು	KW -1	Rs. 400.00	ಸ.ಕಾ.ಇಂ ಲೋ.ಇ ಉಪವಿಭಾಗ ಕುಂದಾಪುರ
ಕೆಲವು ಕಾರಣಾಂತರದಿಂದ ಟೆಂಡರ್ ಸ್ವೀಕರಿಸುವ ದಿನ ರಜೆಯಾದಲ್ಲಿ ಮರುದಿನ ಟೆಂಡರ್ ಸ್ವೀಕರಿಸಲಾಗುವುದು.
ಸಹಿ/- ಸಹಾಯಕ ಕಾರ್ಯನಿರ್ವಾಹಕ ಇಂಜಿನಿಯರ್, ಲೋಕೋಪಯೋಗಿ ಇಲಾಖೆ, ಉಪವಿಭಾಗ, ಕುಂದಾಪುರ
